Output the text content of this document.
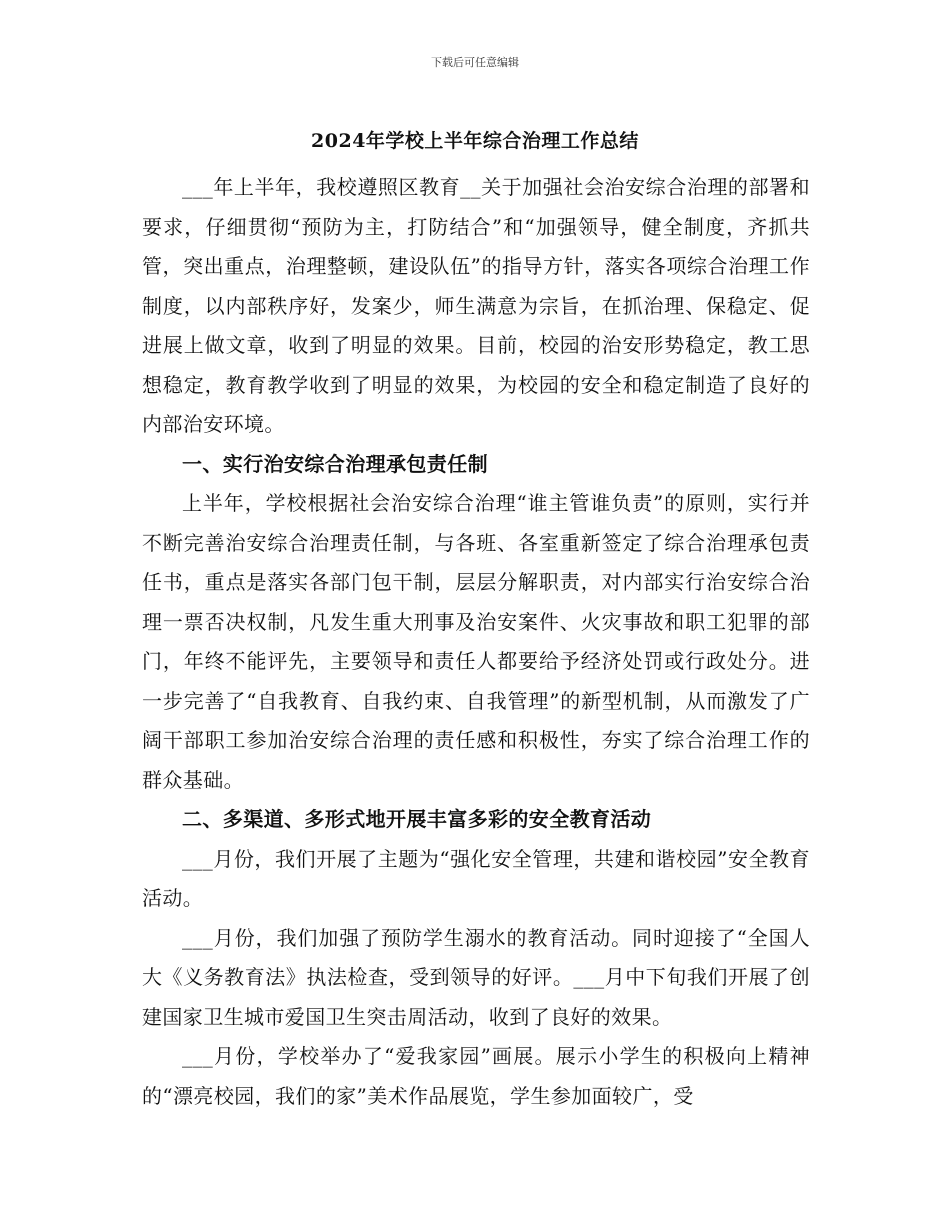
下载后可任意编辑
2024年学校上半年综合治理工作总结

___年上半年，我校遵照区教育__关于加强社会治安综合治理的部署和要求，仔细贯彻“预防为主，打防结合”和“加强领导，健全制度，齐抓共管，突出重点，治理整顿，建设队伍”的指导方针，落实各项综合治理工作制度，以内部秩序好，发案少，师生满意为宗旨，在抓治理、保稳定、促进展上做文章，收到了明显的效果。目前，校园的治安形势稳定，教工思想稳定，教育教学收到了明显的效果，为校园的安全和稳定制造了良好的内部治安环境。

一、实行治安综合治理承包责任制

上半年，学校根据社会治安综合治理“谁主管谁负责”的原则，实行并不断完善治安综合治理责任制，与各班、各室重新签定了综合治理承包责任书，重点是落实各部门包干制，层层分解职责，对内部实行治安综合治理一票否决权制，凡发生重大刑事及治安案件、火灾事故和职工犯罪的部门，年终不能评先，主要领导和责任人都要给予经济处罚或行政处分。进一步完善了“自我教育、自我约束、自我管理”的新型机制，从而激发了广阔干部职工参加治安综合治理的责任感和积极性，夯实了综合治理工作的群众基础。

二、多渠道、多形式地开展丰富多彩的安全教育活动

___月份，我们开展了主题为“强化安全管理，共建和谐校园”安全教育活动。

___月份，我们加强了预防学生溺水的教育活动。同时迎接了“全国人大《义务教育法》执法检查，受到领导的好评。___月中下旬我们开展了创建国家卫生城市爱国卫生突击周活动，收到了良好的效果。

___月份，学校举办了“爱我家园”画展。展示小学生的积极向上精神的“漂亮校园，我们的家”美术作品展览，学生参加面较广，受
